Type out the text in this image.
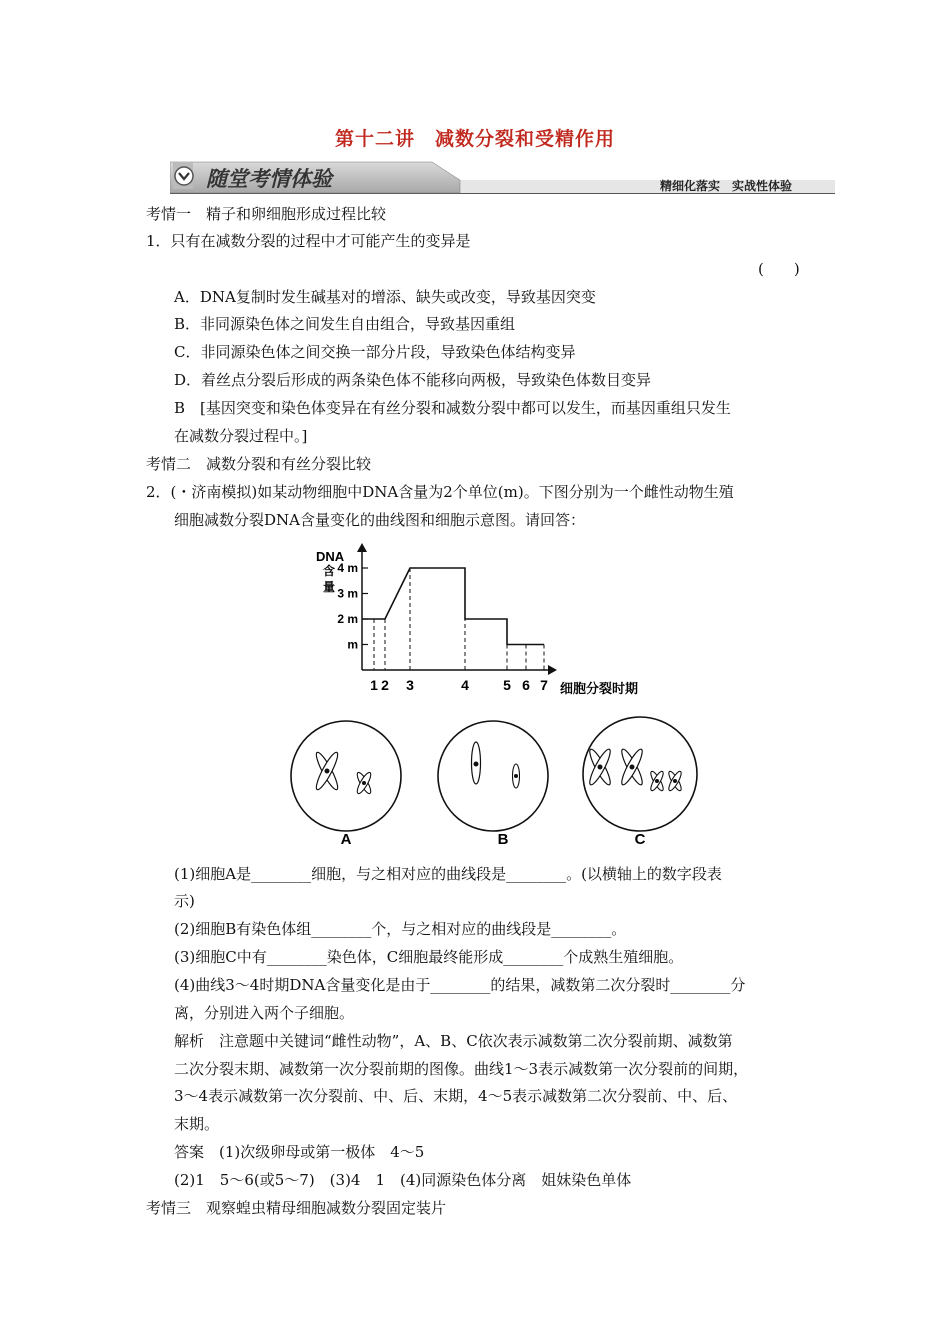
第十二讲　减数分裂和受精作用
随堂考情体验	精细化落实　实战性体验
考情一　精子和卵细胞形成过程比较
1．只有在减数分裂的过程中才可能产生的变异是
(　　)
A．DNA复制时发生碱基对的增添、缺失或改变，导致基因突变
B．非同源染色体之间发生自由组合，导致基因重组
C．非同源染色体之间交换一部分片段，导致染色体结构变异
D．着丝点分裂后形成的两条染色体不能移向两极，导致染色体数目变异
B　[基因突变和染色体变异在有丝分裂和减数分裂中都可以发生，而基因重组只发生
在减数分裂过程中。]
考情二　减数分裂和有丝分裂比较
2．(・济南模拟)如某动物细胞中DNA含量为2个单位(m)。下图分别为一个雌性动物生殖
细胞减数分裂DNA含量变化的曲线图和细胞示意图。请回答：
DNA
含
量
细胞分裂时期
4 m
3 m
2 m
m
1 2 3	4 5 6 7
A	B	C
(1)细胞A是________细胞，与之相对应的曲线段是________。(以横轴上的数字段表
示)
(2)细胞B有染色体组________个，与之相对应的曲线段是________。
(3)细胞C中有________染色体，C细胞最终能形成________个成熟生殖细胞。
(4)曲线3～4时期DNA含量变化是由于________的结果，减数第二次分裂时________分
离，分别进入两个子细胞。
解析　注意题中关键词“雌性动物”，A、B、C依次表示减数第二次分裂前期、减数第
二次分裂末期、减数第一次分裂前期的图像。曲线1～3表示减数第一次分裂前的间期，
3～4表示减数第一次分裂前、中、后、末期，4～5表示减数第二次分裂前、中、后、
末期。
答案　(1)次级卵母或第一极体　4～5
(2)1　5～6(或5～7)　(3)4　1　(4)同源染色体分离　姐妹染色单体
考情三　观察蝗虫精母细胞减数分裂固定装片
